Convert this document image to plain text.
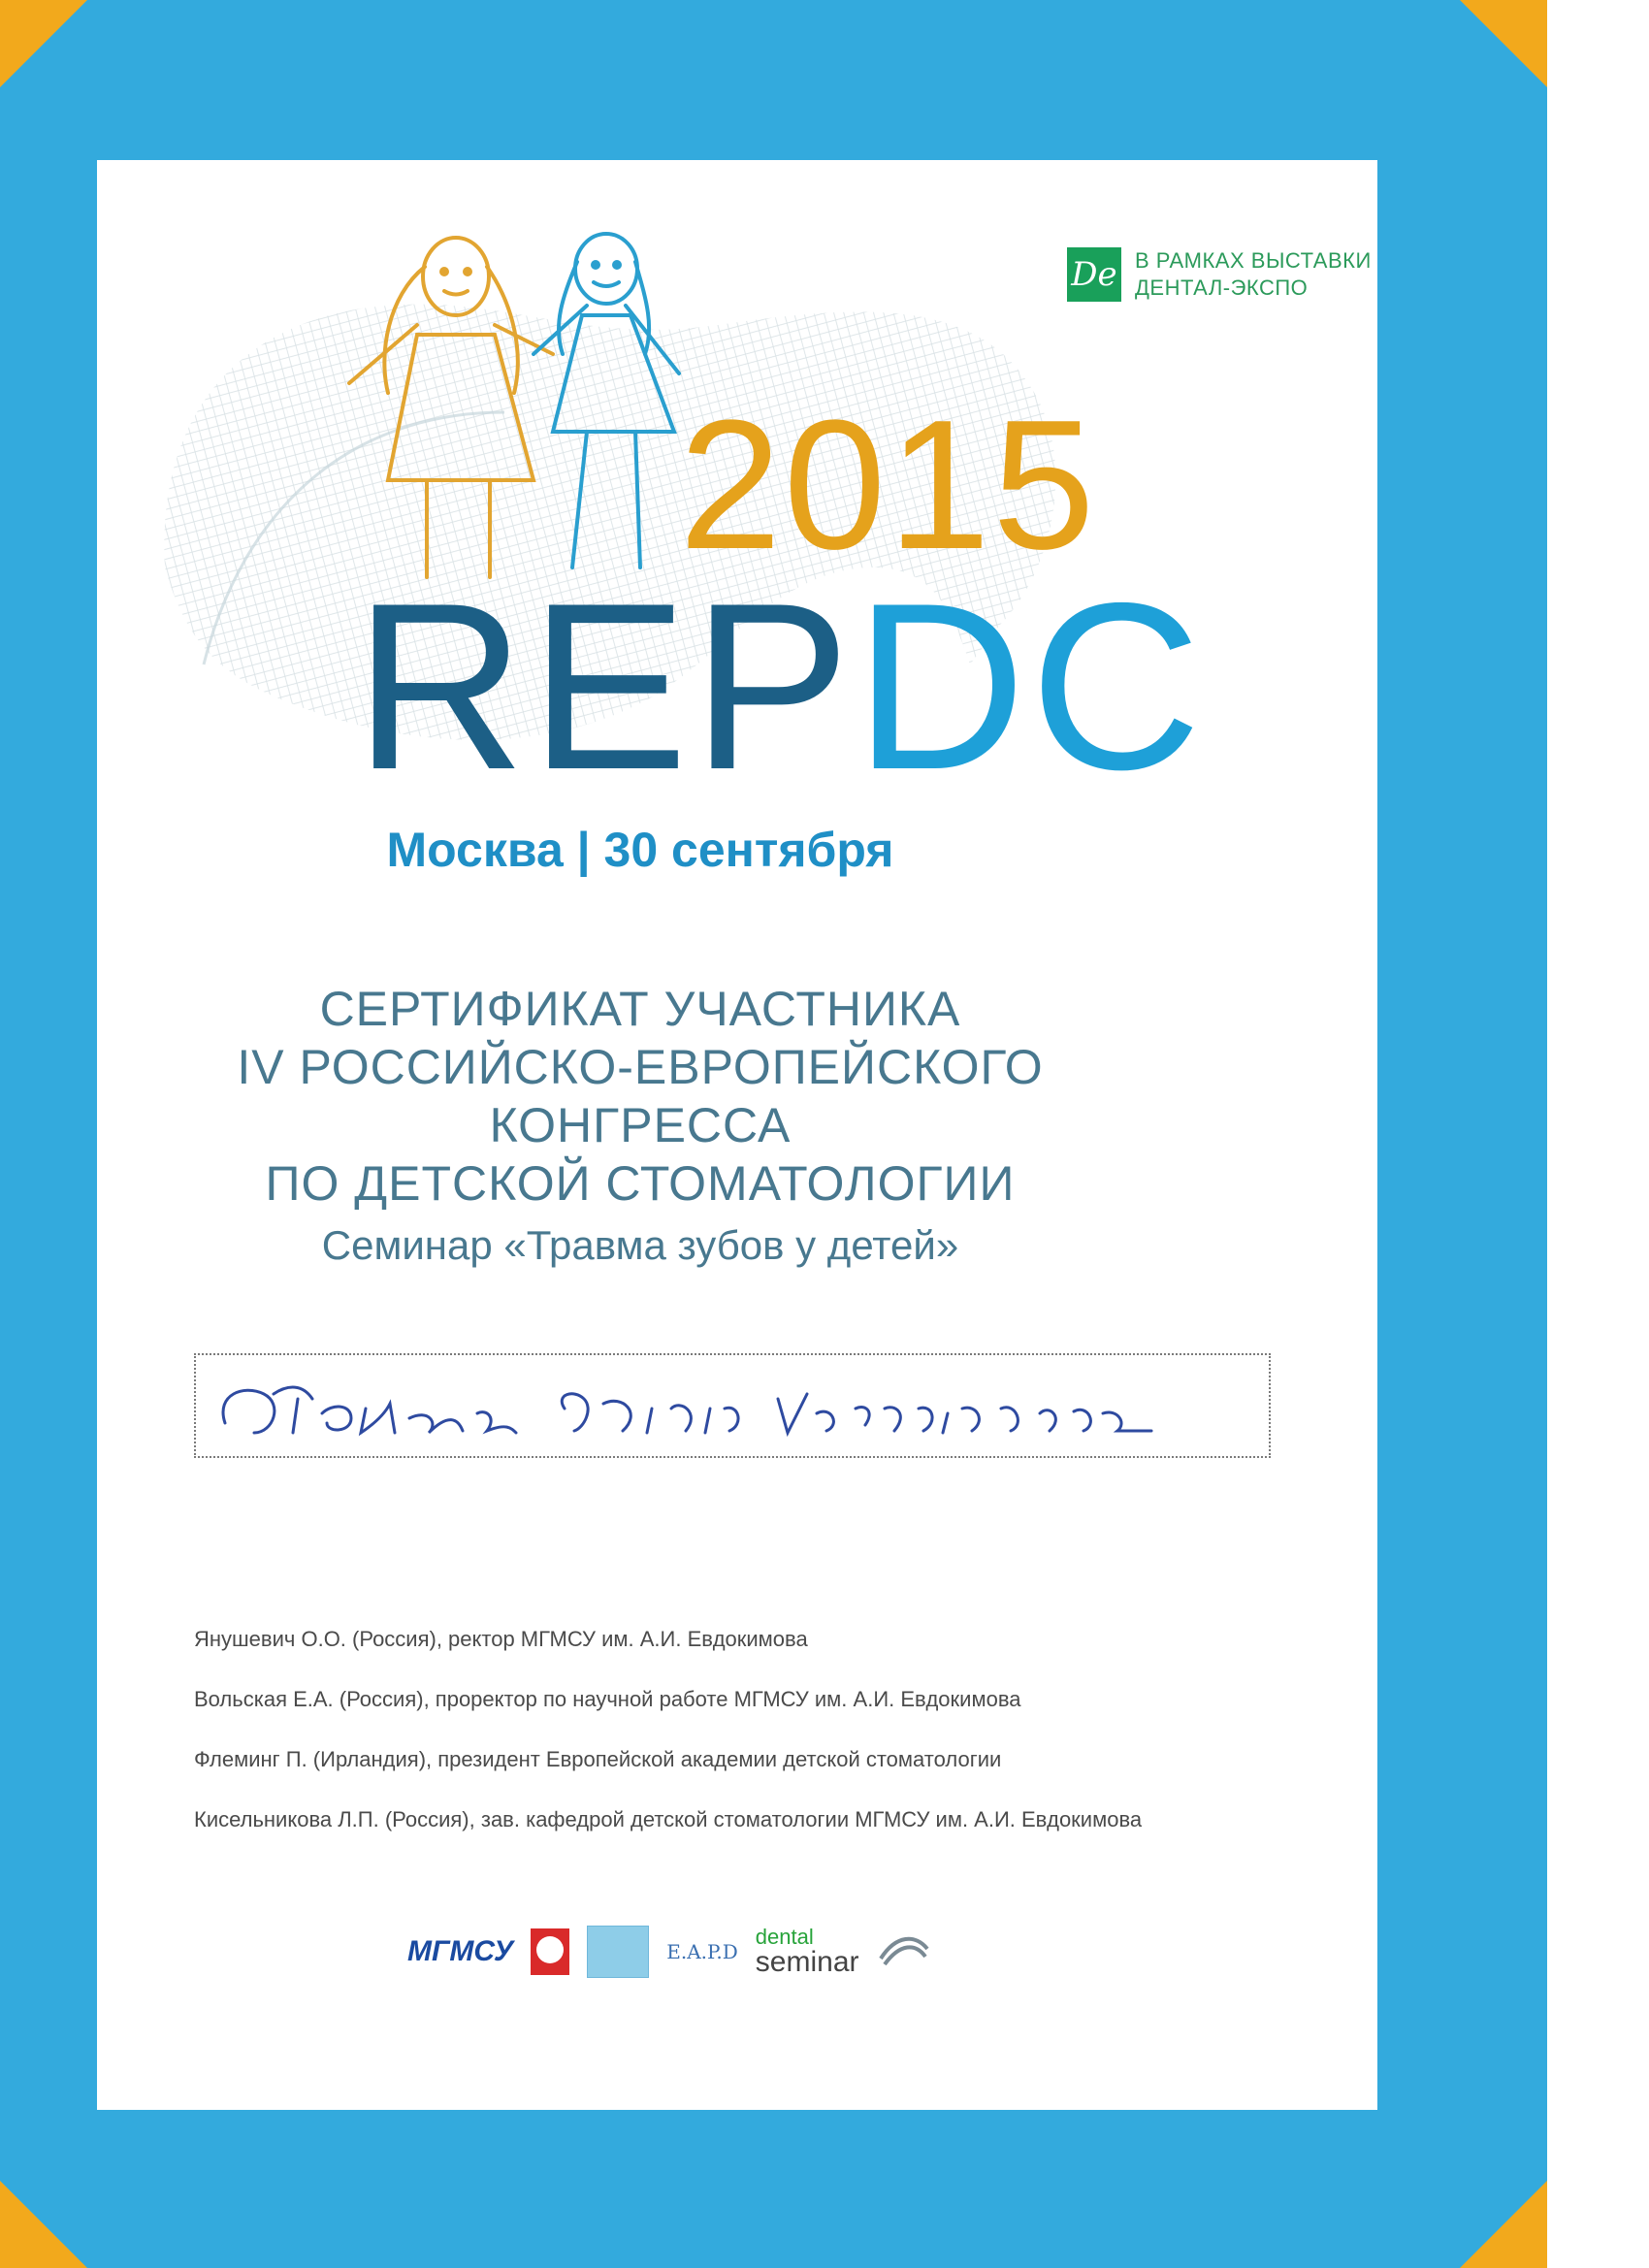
De В РАМКАХ ВЫСТАВКИ
ДЕНТАЛ-ЭКСПО
2015
REPDC
Москва | 30 сентября
СЕРТИФИКАТ УЧАСТНИКА
IV РОССИЙСКО-ЕВРОПЕЙСКОГО КОНГРЕССА
ПО ДЕТСКОЙ СТОМАТОЛОГИИ
Семинар «Травма зубов у детей»
Янушевич О.О. (Россия), ректор МГМСУ им. А.И. Евдокимова
Вольская Е.А. (Россия), проректор по научной работе МГМСУ им. А.И. Евдокимова
Флеминг П. (Ирландия), президент Европейской академии детской стоматологии
Кисельникова Л.П. (Россия), зав. кафедрой детской стоматологии МГМСУ им. А.И. Евдокимова
МГМСУ	E.A.P.D
dental
seminar
